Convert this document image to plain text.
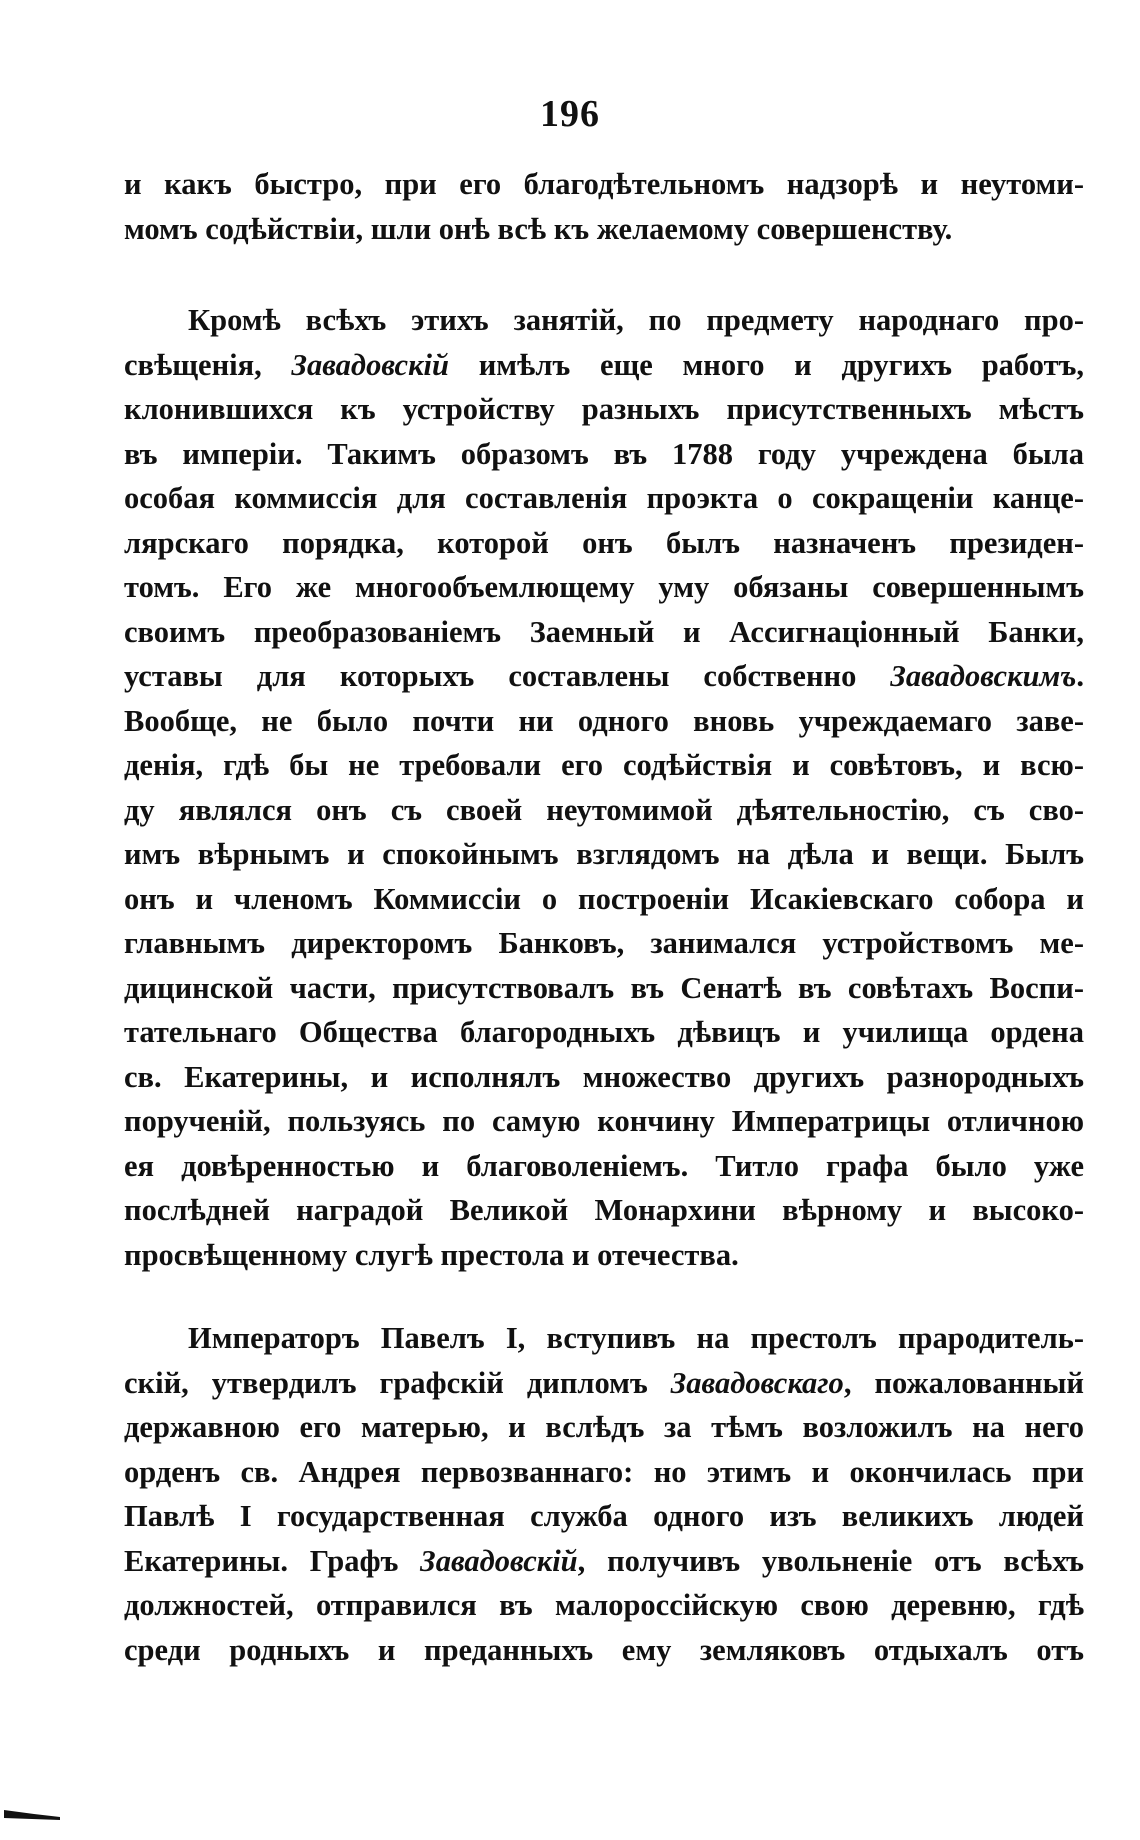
196
и какъ быстро, при его благодѣтельномъ надзорѣ и неутоми-
момъ содѣйствіи, шли онѣ всѣ къ желаемому совершенству.
Кромѣ всѣхъ этихъ занятій, по предмету народнаго про-
свѣщенія, Завадовскій имѣлъ еще много и другихъ работъ,
клонившихся къ устройству разныхъ присутственныхъ мѣстъ
въ имперіи. Такимъ образомъ въ 1788 году учреждена была
особая коммиссія для составленія проэкта о сокращеніи канце-
лярскаго порядка, которой онъ былъ назначенъ президен-
томъ. Его же многообъемлющему уму обязаны совершеннымъ
своимъ преобразованіемъ Заемный и Ассигнаціонный Банки,
уставы для которыхъ составлены собственно Завадовскимъ.
Вообще, не было почти ни одного вновь учреждаемаго заве-
денія, гдѣ бы не требовали его содѣйствія и совѣтовъ, и всю-
ду являлся онъ съ своей неутомимой дѣятельностію, съ сво-
имъ вѣрнымъ и спокойнымъ взглядомъ на дѣла и вещи. Былъ
онъ и членомъ Коммиссіи о построеніи Исакіевскаго собора и
главнымъ директоромъ Банковъ, занимался устройствомъ ме-
дицинской части, присутствовалъ въ Сенатѣ въ совѣтахъ Воспи-
тательнаго Общества благородныхъ дѣвицъ и училища ордена
св. Екатерины, и исполнялъ множество другихъ разнородныхъ
порученій, пользуясь по самую кончину Императрицы отличною
ея довѣренностью и благоволеніемъ. Титло графа было уже
послѣдней наградой Великой Монархини вѣрному и высоко-
просвѣщенному слугѣ престола и отечества.
Императоръ Павелъ I, вступивъ на престолъ прародитель-
скій, утвердилъ графскій дипломъ Завадовскаго, пожалованный
державною его матерью, и вслѣдъ за тѣмъ возложилъ на него
орденъ св. Андрея первозваннаго: но этимъ и окончилась при
Павлѣ I государственная служба одного изъ великихъ людей
Екатерины. Графъ Завадовскій, получивъ увольненіе отъ всѣхъ
должностей, отправился въ малороссійскую свою деревню, гдѣ
среди родныхъ и преданныхъ ему земляковъ отдыхалъ отъ
